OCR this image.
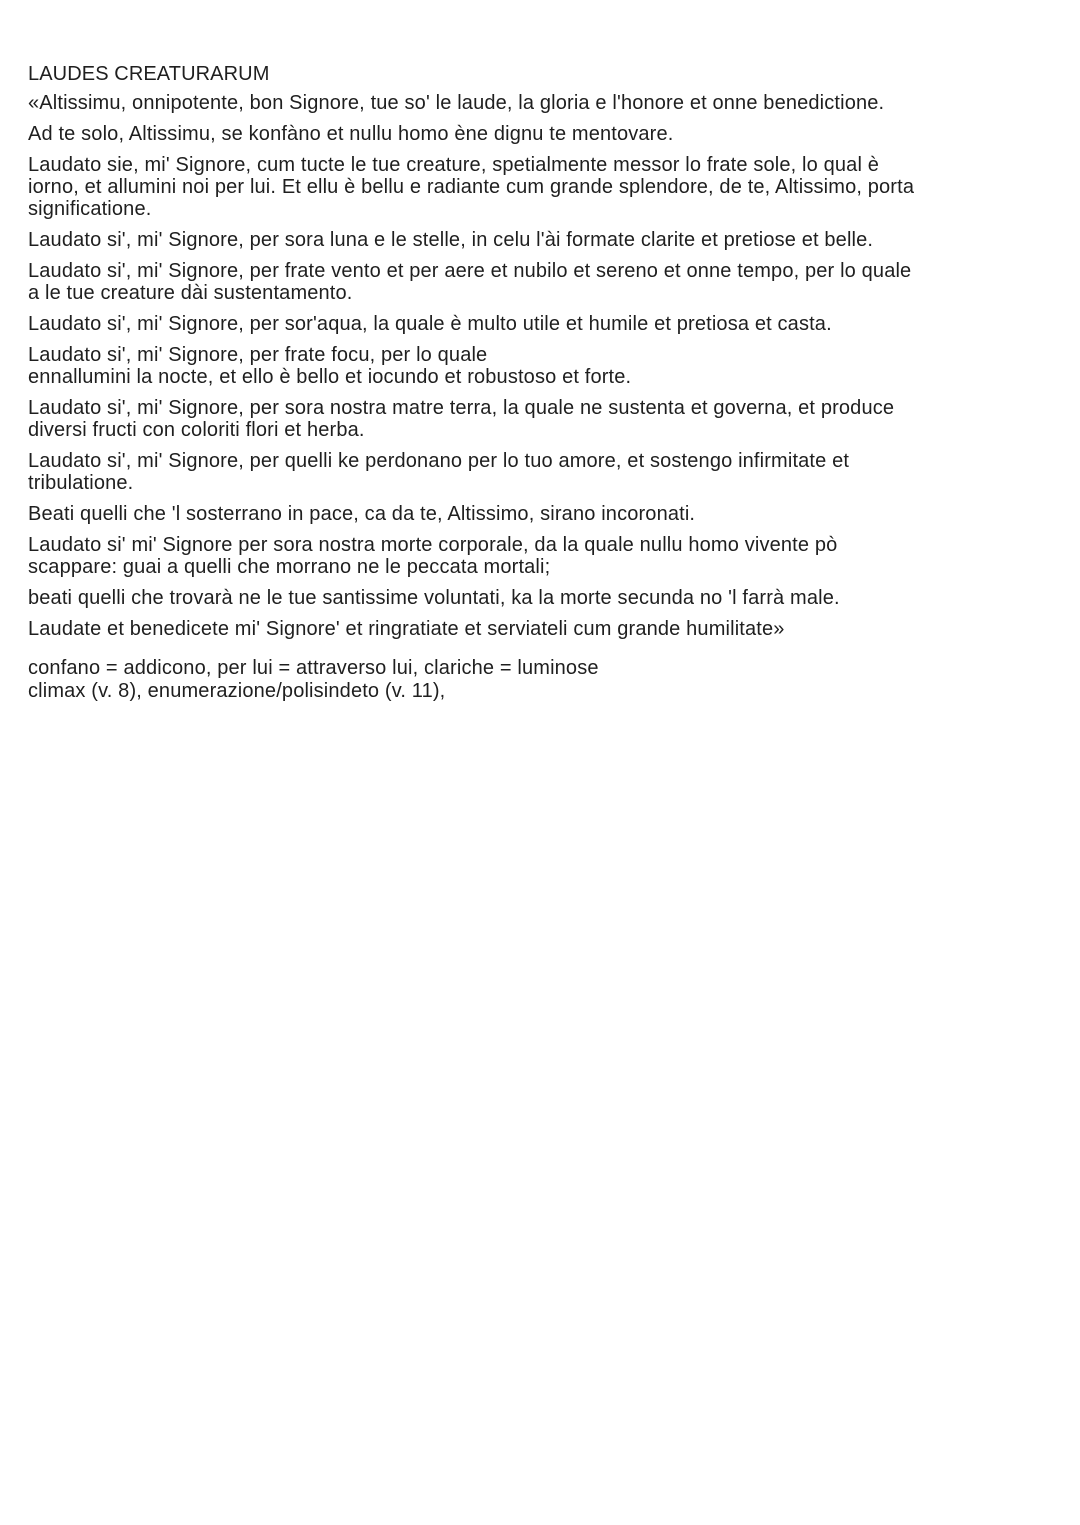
LAUDES CREATURARUM

«Altissimu, onnipotente, bon Signore, tue so' le laude, la gloria e l'honore et onne benedictione.

Ad te solo, Altissimu, se konfàno et nullu homo ène dignu te mentovare.

Laudato sie, mi' Signore, cum tucte le tue creature, spetialmente messor lo frate sole, lo qual è
iorno, et allumini noi per lui. Et ellu è bellu e radiante cum grande splendore, de te, Altissimo, porta
significatione.

Laudato si', mi' Signore, per sora luna e le stelle, in celu l'ài formate clarite et pretiose et belle.

Laudato si', mi' Signore, per frate vento et per aere et nubilo et sereno et onne tempo, per lo quale
a le tue creature dài sustentamento.

Laudato si', mi' Signore, per sor'aqua, la quale è multo utile et humile et pretiosa et casta.

Laudato si', mi' Signore, per frate focu, per lo quale
ennallumini la nocte, et ello è bello et iocundo et robustoso et forte.

Laudato si', mi' Signore, per sora nostra matre terra, la quale ne sustenta et governa, et produce
diversi fructi con coloriti flori et herba.

Laudato si', mi' Signore, per quelli ke perdonano per lo tuo amore, et sostengo infirmitate et
tribulatione.

Beati quelli che 'l sosterrano in pace, ca da te, Altissimo, sirano incoronati.

Laudato si' mi' Signore per sora nostra morte corporale, da la quale nullu homo vivente pò
scappare: guai a quelli che morrano ne le peccata mortali;

beati quelli che trovarà ne le tue santissime voluntati, ka la morte secunda no 'l farrà male.

Laudate et benedicete mi' Signore' et ringratiate et serviateli cum grande humilitate»

confano = addicono, per lui = attraverso lui, clariche = luminose
climax (v. 8), enumerazione/polisindeto (v. 11),
